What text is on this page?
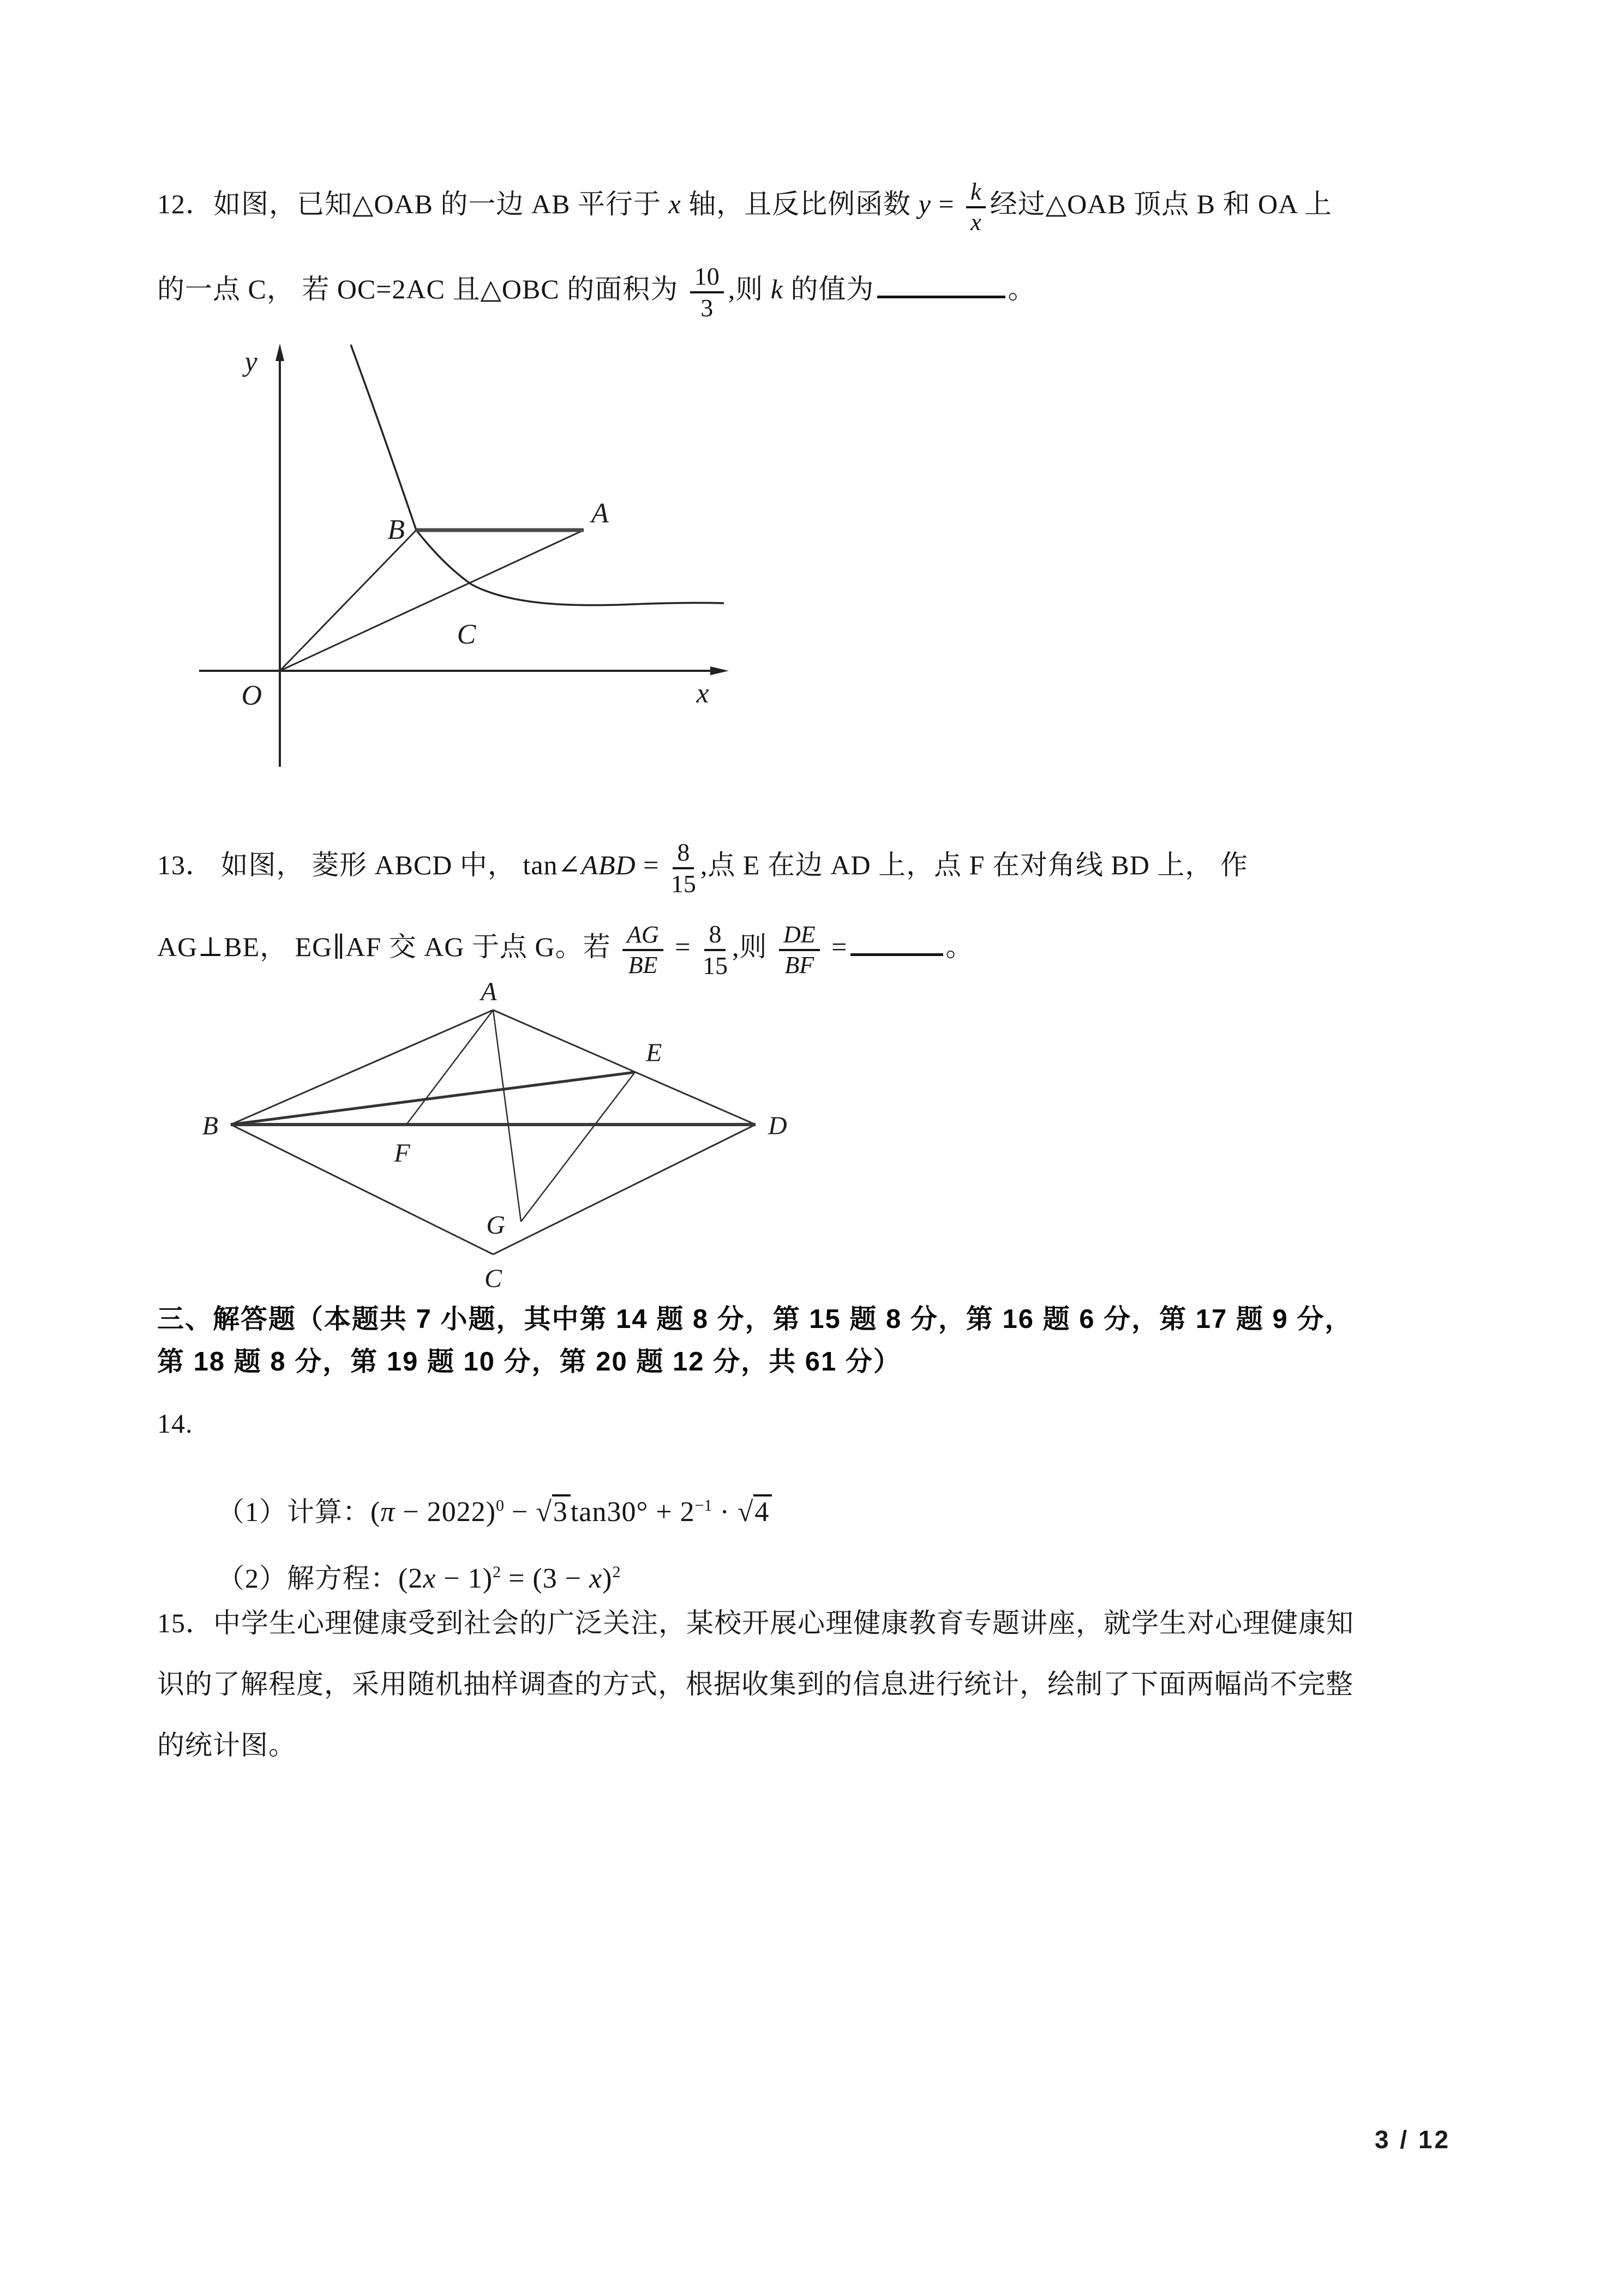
12．如图，已知△OAB 的一边 AB 平行于 x 轴，且反比例函数 $y = \frac{k}{x}$ 经过△OAB 顶点 B 和 OA 上
的一点 C， 若 OC=2AC 且△OBC 的面积为 $\frac{10}{3}$ ,则 k 的值为	。
y
x
O
B
A
C
13． 如图， 菱形 ABCD 中， tan∠ABD = $\frac{8}{15}$ ,点 E 在边 AD 上，点 F 在对角线 BD 上， 作
AG⊥BE， EG∥AF 交 AG 于点 G。若 $\frac{AG}{BE} = \frac{8}{15}$ ,则 $\frac{DE}{BF}$ =	。
A
B
C
D
E
F
G
三、解答题（本题共 7 小题，其中第 14 题 8 分，第 15 题 8 分，第 16 题 6 分，第 17 题 9 分，
第 18 题 8 分，第 19 题 10 分，第 20 题 12 分，共 61 分）
14.
（1）计算：$(\pi - 2022)^0 - √3\tan 30^\circ + 2^{-1} \cdot √4$
（2）解方程：$(2x - 1)^2 = (3 - x)^2$
15．中学生心理健康受到社会的广泛关注，某校开展心理健康教育专题讲座，就学生对心理健康知
识的了解程度，采用随机抽样调查的方式，根据收集到的信息进行统计，绘制了下面两幅尚不完整
的统计图。
3 / 12
